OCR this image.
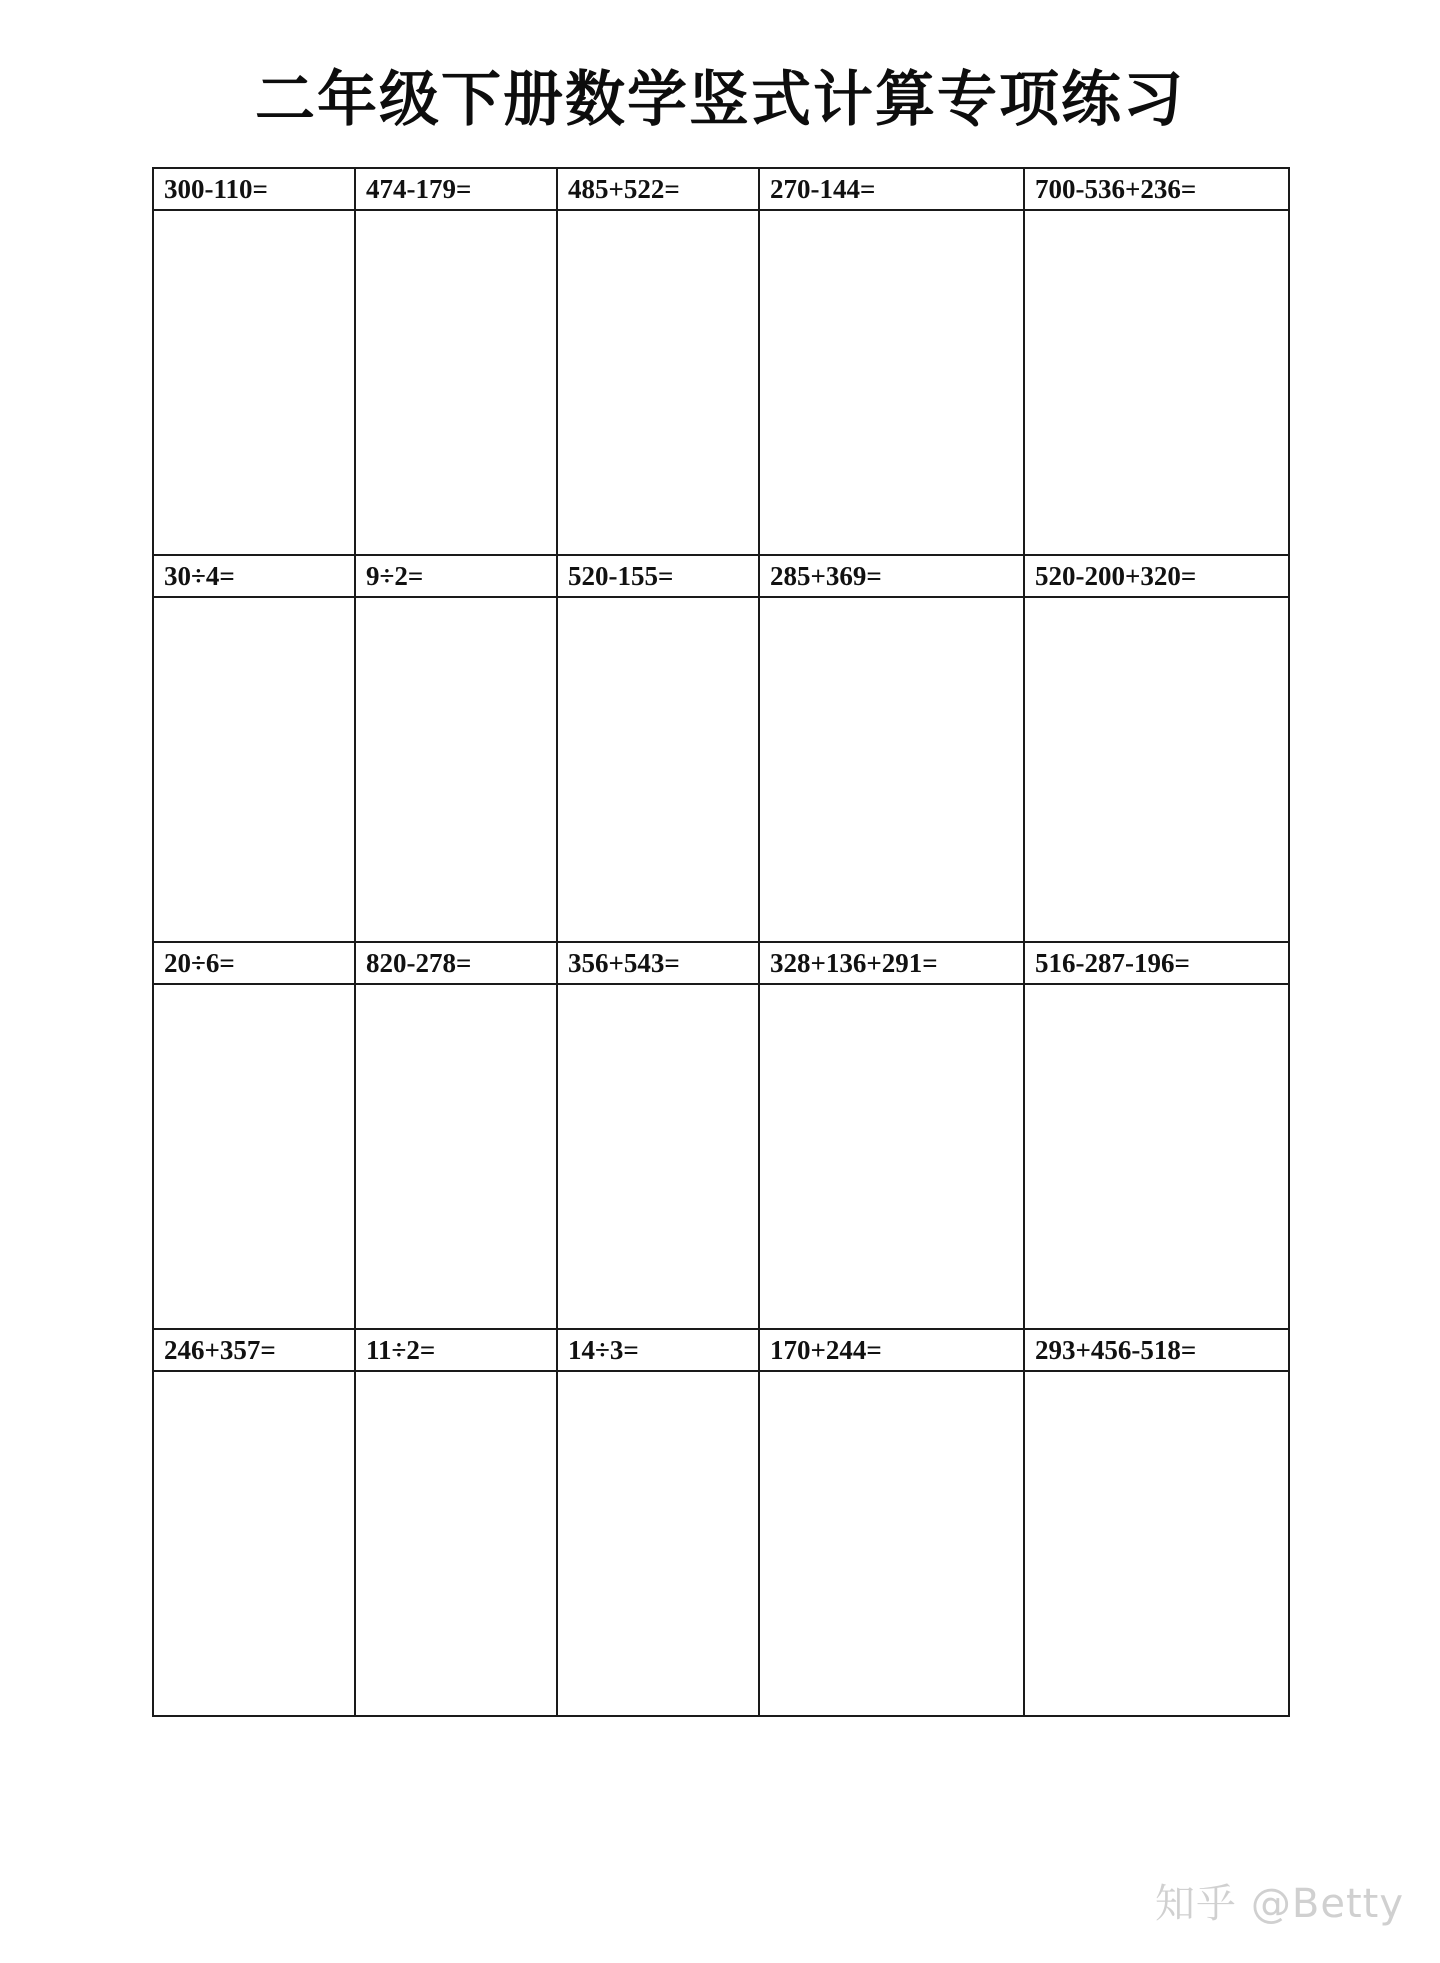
二年级下册数学竖式计算专项练习
300-110=	474-179=	485+522=	270-144=	700-536+236=

30÷4=	9÷2=	520-155=	285+369=	520-200+320=

20÷6=	820-278=	356+543=	328+136+291=	516-287-196=

246+357=	11÷2=	14÷3=	170+244=	293+456-518=

知乎 @Betty
